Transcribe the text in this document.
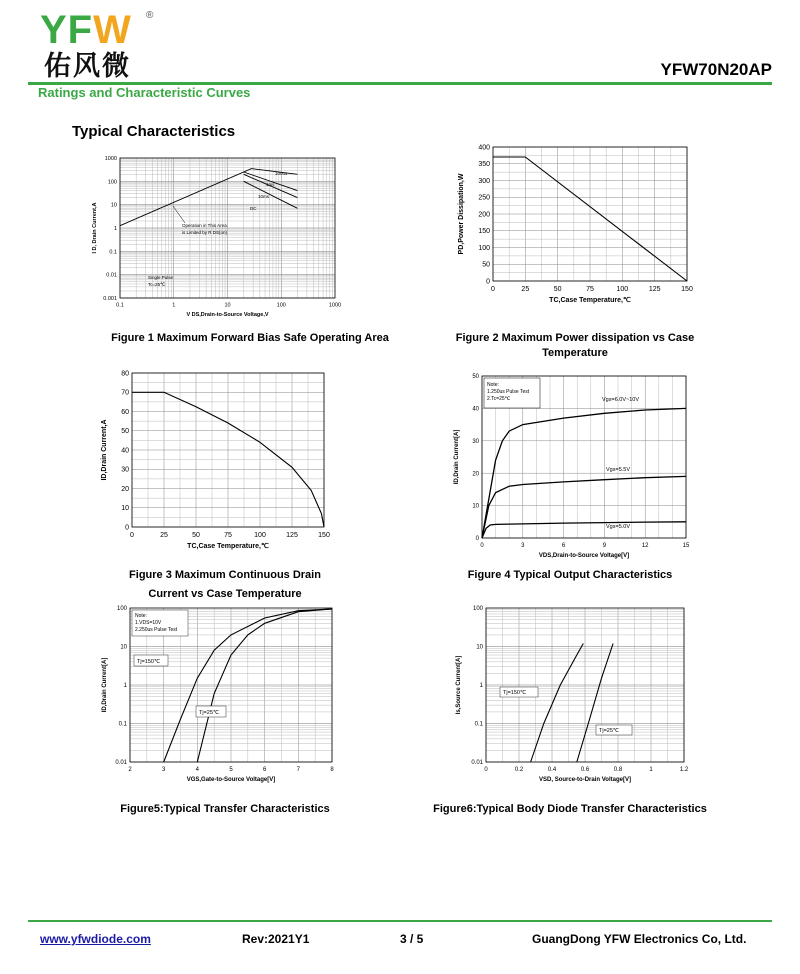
YFW ®
佑风微	YFW70N20AP
Ratings and Characteristic Curves
Typical Characteristics
0.1	1	10	100	1000
1000
100
10
1
0.1
0.01
0.001
V DS,Drain-to-Source Voltage,V
I D, Drain Current,A
100us
1ms
10ms
DC
Operation in This Area
is Limited by R DS(on)
Single Pulse
Tc=25℃
Figure 1 Maximum Forward Bias Safe Operating Area
0	25	50	75	100	125	150
400
350
300
250
200
150
100
50
0
TC,Case Temperature,℃
PD,Power Dissipation,W
Figure 2 Maximum Power dissipation vs Case Temperature
0	25	50	75	100	125	150
80
70
60
50
40
30
20
10
0
TC,Case Temperature,℃
ID,Drain Current,A
Figure 3 Maximum Continuous Drain
Current vs Case Temperature
0	3	6	9	12	15
50
40
30
20
10
0
VDS,Drain-to-Source Voltage[V]
ID,Drain Current[A]
Note:
1.250us Pulse Test
2.Tc=25℃	Vgs=6.0V~10V
Vgs=5.5V
Vgs=5.0V
Figure 4 Typical Output Characteristics
2	3	4	5	6	7	8
100
10
1
0.1
0.01
VGS,Gate-to-Source Voltage[V]
ID,Drain Current[A]
Note:
1.VDS=10V
2.250us Pulse Test
Tj=150℃
Tj=25℃
Figure5:Typical Transfer Characteristics
0	0.2	0.4	0.6	0.8	1	1.2
100
10
1
0.1
0.01
VSD, Source-to-Drain Voltage[V]
Is,Source Current[A]	Tj=150℃
Tj=25℃
Figure6:Typical Body Diode Transfer Characteristics
www.yfwdiode.com	Rev:2021Y1	3 / 5	GuangDong YFW Electronics Co, Ltd.
